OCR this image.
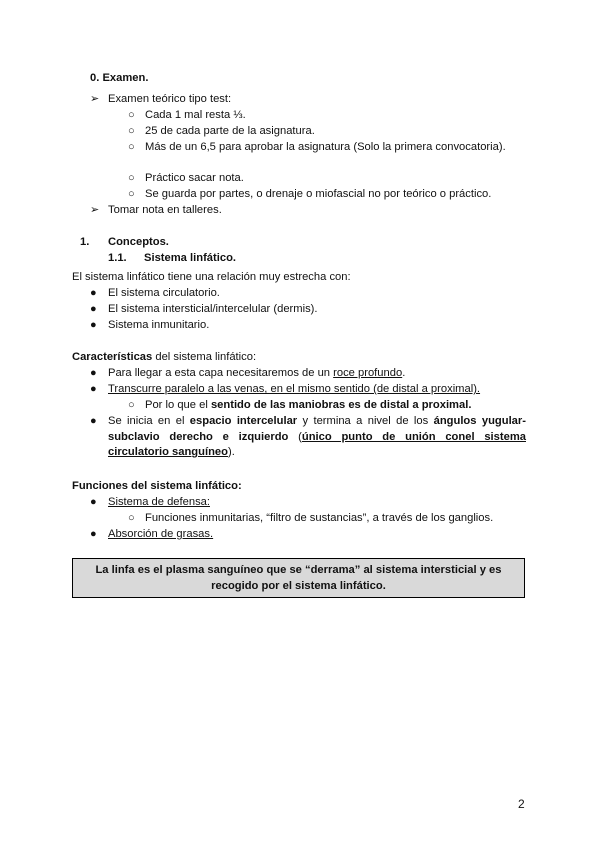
0. Examen.
➢ Examen teórico tipo test:
○ Cada 1 mal resta ⅓.
○ 25 de cada parte de la asignatura.
○ Más de un 6,5 para aprobar la asignatura (Solo la primera convocatoria).
○ Práctico sacar nota.
○ Se guarda por partes, o drenaje o miofascial no por teórico o práctico.
➢ Tomar nota en talleres.
1. Conceptos.
1.1. Sistema linfático.
El sistema linfático tiene una relación muy estrecha con:
● El sistema circulatorio.
● El sistema intersticial/intercelular (dermis).
● Sistema inmunitario.
Características del sistema linfático:
● Para llegar a esta capa necesitaremos de un roce profundo.
● Transcurre paralelo a las venas, en el mismo sentido (de distal a proximal).
○ Por lo que el sentido de las maniobras es de distal a proximal.
● Se inicia en el espacio intercelular y termina a nivel de los ángulos yugular-subclavio derecho e izquierdo (único punto de unión conel sistema circulatorio sanguíneo).
Funciones del sistema linfático:
● Sistema de defensa:
○ Funciones inmunitarias, “filtro de sustancias”, a través de los ganglios.
● Absorción de grasas.
La linfa es el plasma sanguíneo que se “derrama” al sistema intersticial y es
recogido por el sistema linfático.
2
